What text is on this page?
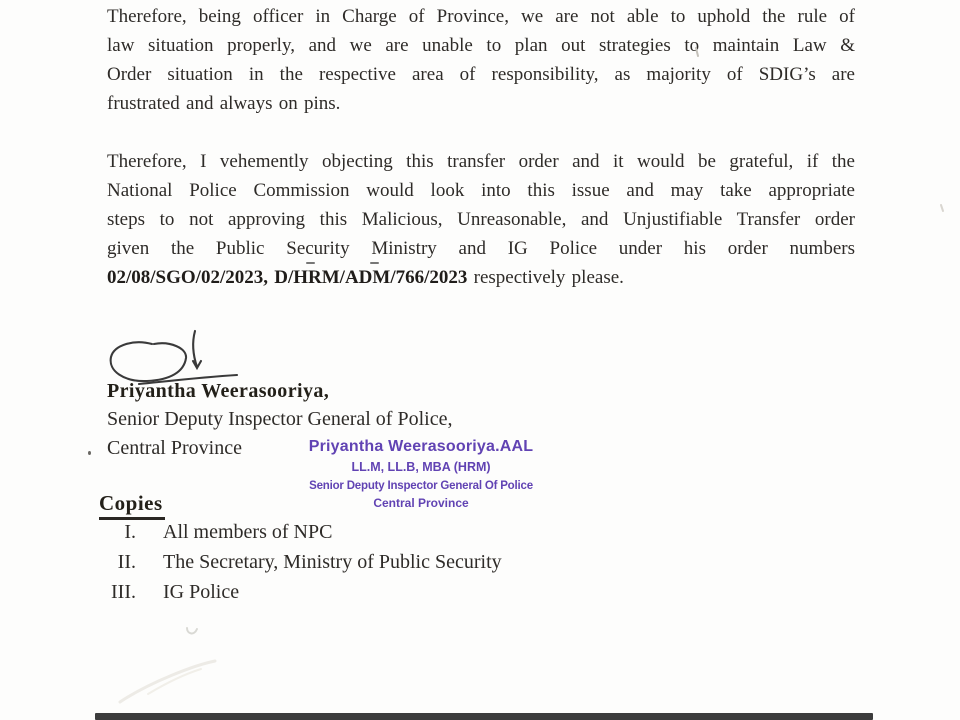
Therefore, being officer in Charge of Province, we are not able to uphold the rule of
law situation properly, and we are unable to plan out strategies to maintain Law &
Order situation in the respective area of responsibility, as majority of SDIG’s are
frustrated and always on pins.
Therefore, I vehemently objecting this transfer order and it would be grateful, if the
National Police Commission would look into this issue and may take appropriate
steps to not approving this Malicious, Unreasonable, and Unjustifiable Transfer order
given the Public Security Ministry and IG Police under his order numbers
02/08/SGO/02/2023, D/HRM/ADM/766/2023 respectively please.
Priyantha Weerasooriya,
Senior Deputy Inspector General of Police,
Central Province	Priyantha Weerasooriya.AAL
LL.M, LL.B, MBA (HRM)
Senior Deputy Inspector General Of Police
Central Province
Copies
I. All members of NPC
II. The Secretary, Ministry of Public Security
III. IG Police
